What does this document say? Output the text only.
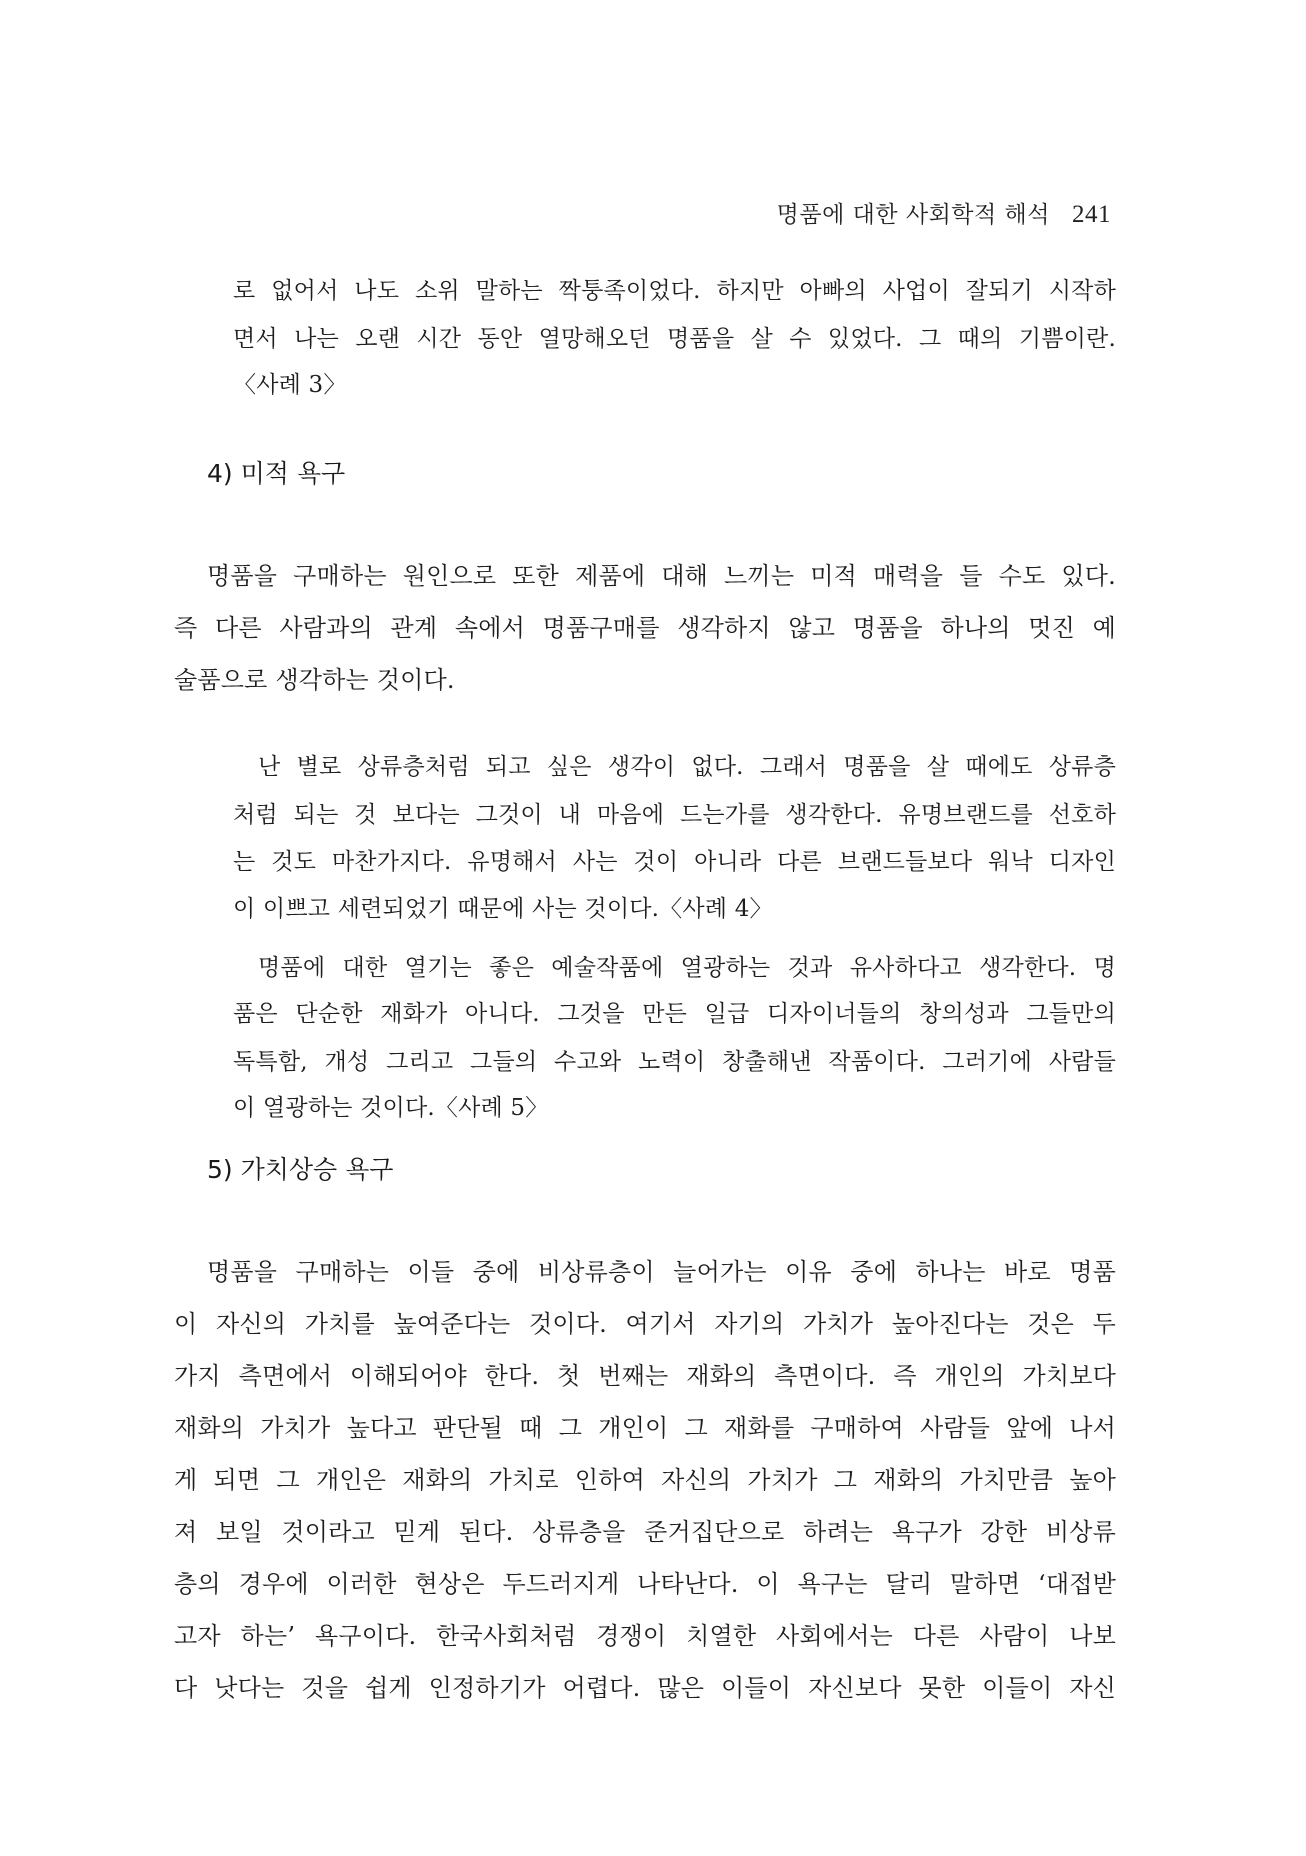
명품에 대한 사회학적 해석 241
로 없어서 나도 소위 말하는 짝퉁족이었다. 하지만 아빠의 사업이 잘되기 시작하
면서 나는 오랜 시간 동안 열망해오던 명품을 살 수 있었다. 그 때의 기쁨이란.
〈사례 3〉
4) 미적 욕구
명품을 구매하는 원인으로 또한 제품에 대해 느끼는 미적 매력을 들 수도 있다.
즉 다른 사람과의 관계 속에서 명품구매를 생각하지 않고 명품을 하나의 멋진 예
술품으로 생각하는 것이다.
난 별로 상류층처럼 되고 싶은 생각이 없다. 그래서 명품을 살 때에도 상류층
처럼 되는 것 보다는 그것이 내 마음에 드는가를 생각한다. 유명브랜드를 선호하
는 것도 마찬가지다. 유명해서 사는 것이 아니라 다른 브랜드들보다 워낙 디자인
이 이쁘고 세련되었기 때문에 사는 것이다.〈사례 4〉
명품에 대한 열기는 좋은 예술작품에 열광하는 것과 유사하다고 생각한다. 명
품은 단순한 재화가 아니다. 그것을 만든 일급 디자이너들의 창의성과 그들만의
독특함, 개성 그리고 그들의 수고와 노력이 창출해낸 작품이다. 그러기에 사람들
이 열광하는 것이다.〈사례 5〉
5) 가치상승 욕구
명품을 구매하는 이들 중에 비상류층이 늘어가는 이유 중에 하나는 바로 명품
이 자신의 가치를 높여준다는 것이다. 여기서 자기의 가치가 높아진다는 것은 두
가지 측면에서 이해되어야 한다. 첫 번째는 재화의 측면이다. 즉 개인의 가치보다
재화의 가치가 높다고 판단될 때 그 개인이 그 재화를 구매하여 사람들 앞에 나서
게 되면 그 개인은 재화의 가치로 인하여 자신의 가치가 그 재화의 가치만큼 높아
져 보일 것이라고 믿게 된다. 상류층을 준거집단으로 하려는 욕구가 강한 비상류
층의 경우에 이러한 현상은 두드러지게 나타난다. 이 욕구는 달리 말하면 ‘대접받
고자 하는’ 욕구이다. 한국사회처럼 경쟁이 치열한 사회에서는 다른 사람이 나보
다 낫다는 것을 쉽게 인정하기가 어렵다. 많은 이들이 자신보다 못한 이들이 자신
